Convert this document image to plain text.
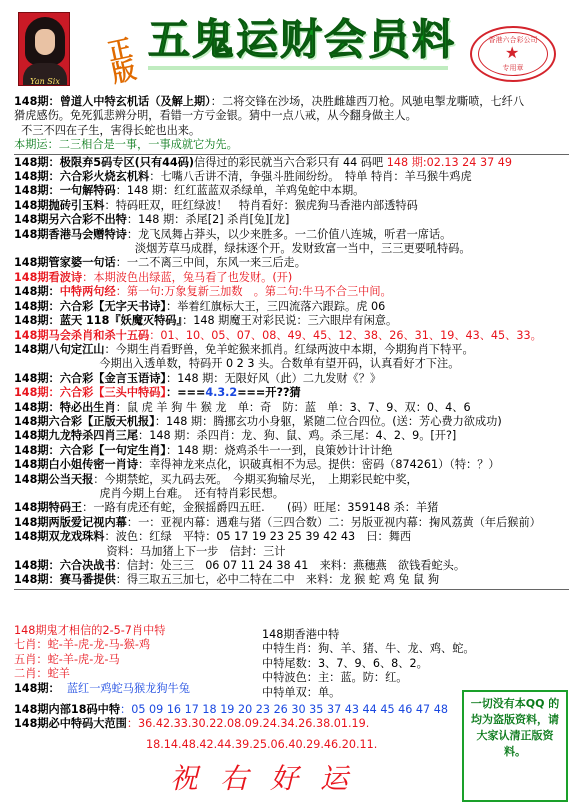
Yan Six
正
版
五鬼运财会员料	香港六合彩公司
★
专用章
148期：曾道人中特玄机话（及解上期）：二将交锋在沙场，决胜雌雄西刀枪。风驰电掣龙嘶喷，七纤八
猾虎感伤。免死狐悲辨分明，看错一方亏金银。猜中一点八戒，从今翻身做主人。
不三不四在子生，害得长蛇也出来。
本期运：二三相合是一事，一事成就它为先。
148期：极限弃5码专区(只有44码)信得过的彩民就当六合彩只有 44 码吧 148 期:02.13 24 37 49
148期：六合彩火烧玄机料：七嘴八舌讲不清，争强斗胜闹纷纷。　特单 特肖：羊马猴牛鸡虎
148期：一句解特码：148 期：红红蓝蓝双杀绿单，羊鸡兔蛇中本期。
148期抛砖引玉料：特码旺双，旺红绿波！　特肖看好：猴虎狗马香港内部透特码
148期另六合彩不出特：148 期：杀尾[2] 杀肖[兔][龙]
148期香港马会赠特诗：龙飞凤舞占莽头，以少来胜多。一二价值八连城，听君一席话。
淡烟芳草马成群，绿抹逐个开。发财致富一当中，三三更要吼特码。
148期管家婆一句话：一二不离三中间，东风一来三后走。
148期看波诗：本期波色出绿蓝，兔马看了也发财。(开)
148期：中特两句经：第一句:万象复新三加数　。第二句:牛马不合三中间。
148期：六合彩【无字天书诗】：举着红旗标大王，三四流落六跟踪。虎 06
148期：蓝天 118『妖魔灭特码』：148 期魔王对彩民说：三六眼岸有闲意。
148期马会杀肖和杀十五码：01、10、05、07、08、49、45、12、38、26、31、19、43、45、33。
148期八句定江山：今期生肖看野兽，免羊蛇猴来抓肖。红绿两波中本期，今期狗肖下特平。
今期出入透单数，特码开 0 2 3 头。合数单有望开码，认真看好才下注。
148期：六合彩【金言玉语诗】：148 期：无限好风（此）二九发财《？》
148期：六合彩【三头中特码】：===4.3.2===开??猜
148期：特必出生肖：鼠 虎 羊 狗 牛 猴 龙　单：奇　防：蓝　单：3、7、9、双：0、4、6
148期六合彩【正版天机报】：148 期：腾挪玄功小身躯，紧随二位合四位。(送：芳心费力欲成功)
148期九龙特杀四肖三尾：148 期：杀四肖：龙、狗、鼠、鸡。杀三尾：4、2、9。[开?]
148期：六合彩【一句定生肖】：148 期：烧鸡杀牛一一到，良策妙计计计绝
148期白小姐传密一肖诗：幸得神龙来点化，识破真相不为忌。提供：密码（874261）（特：？）
148期公当天报：今期禁蛇，买九码去死。　今期买狗输尽光，　上期彩民蛇中奖，
虎肖今期上台难。　还有特肖彩民想。
148期特码王：一路有虎还有蛇，金猴摇爵四五旺.　　(码）旺尾：359148 杀：羊猪
148期两版爱记视内幕：一：亚视内幕：遇难与猪（三四合数）二：另版亚视内幕：掬风荔黄（年后猴前）
148期双龙戏珠料：波色：红绿　平特：05 17 19 23 25 39 42 43　曰：舞西
资料：马加猪上下一步　信封：三计
148期：六合决战书：信封：处三三　06 07 11 24 38 41　来料：燕穗燕　欲钱看蛇头。
148期：赛马番提供：得三取五三加七，必中二特在二中　来料：龙 猴 蛇 鸡 兔 鼠 狗
148期鬼才相信的2-5-7肖中特
七肖：蛇-羊-虎-龙-马-猴-鸡
五肖：蛇-羊-虎-龙-马
二肖：蛇羊
148期： 蓝红一鸡蛇马猴龙狗牛兔
148期香港中特
中特生肖：狗、羊、猪、牛、龙、鸡、蛇。
中特尾数：3、7、9、6、8、2。
中特波色：主：蓝。防：红。
中特单双：单。
148期内部18码中特：05 09 16 17 18 19 20 23 26 30 35 37 43 44 45 46 47 48
148期必中特码大范围：36.42.33.30.22.08.09.24.34.26.38.01.19.
18.14.48.42.44.39.25.06.40.29.46.20.11.
一切没有本QQ 的均为盗版资料，请大家认清正版资料。
祝右好运
